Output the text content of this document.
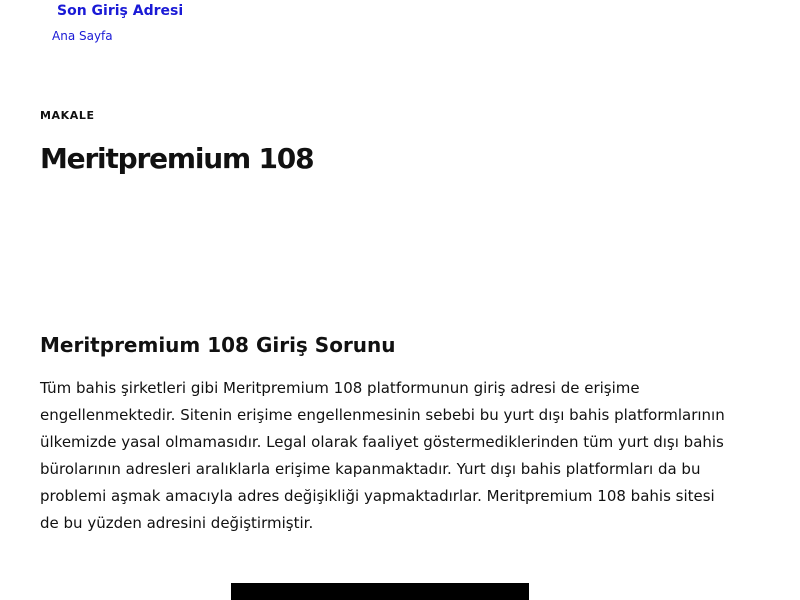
Son Giriş Adresi
Ana Sayfa
MAKALE
Meritpremium 108
Meritpremium 108 Giriş Sorunu

Tüm bahis şirketleri gibi Meritpremium 108 platformunun giriş adresi de erişime engellenmektedir. Sitenin erişime engellenmesinin sebebi bu yurt dışı bahis platformlarının ülkemizde yasal olmamasıdır. Legal olarak faaliyet göstermediklerinden tüm yurt dışı bahis bürolarının adresleri aralıklarla erişime kapanmaktadır. Yurt dışı bahis platformları da bu problemi aşmak amacıyla adres değişikliği yapmaktadırlar. Meritpremium 108 bahis sitesi de bu yüzden adresini değiştirmiştir.
